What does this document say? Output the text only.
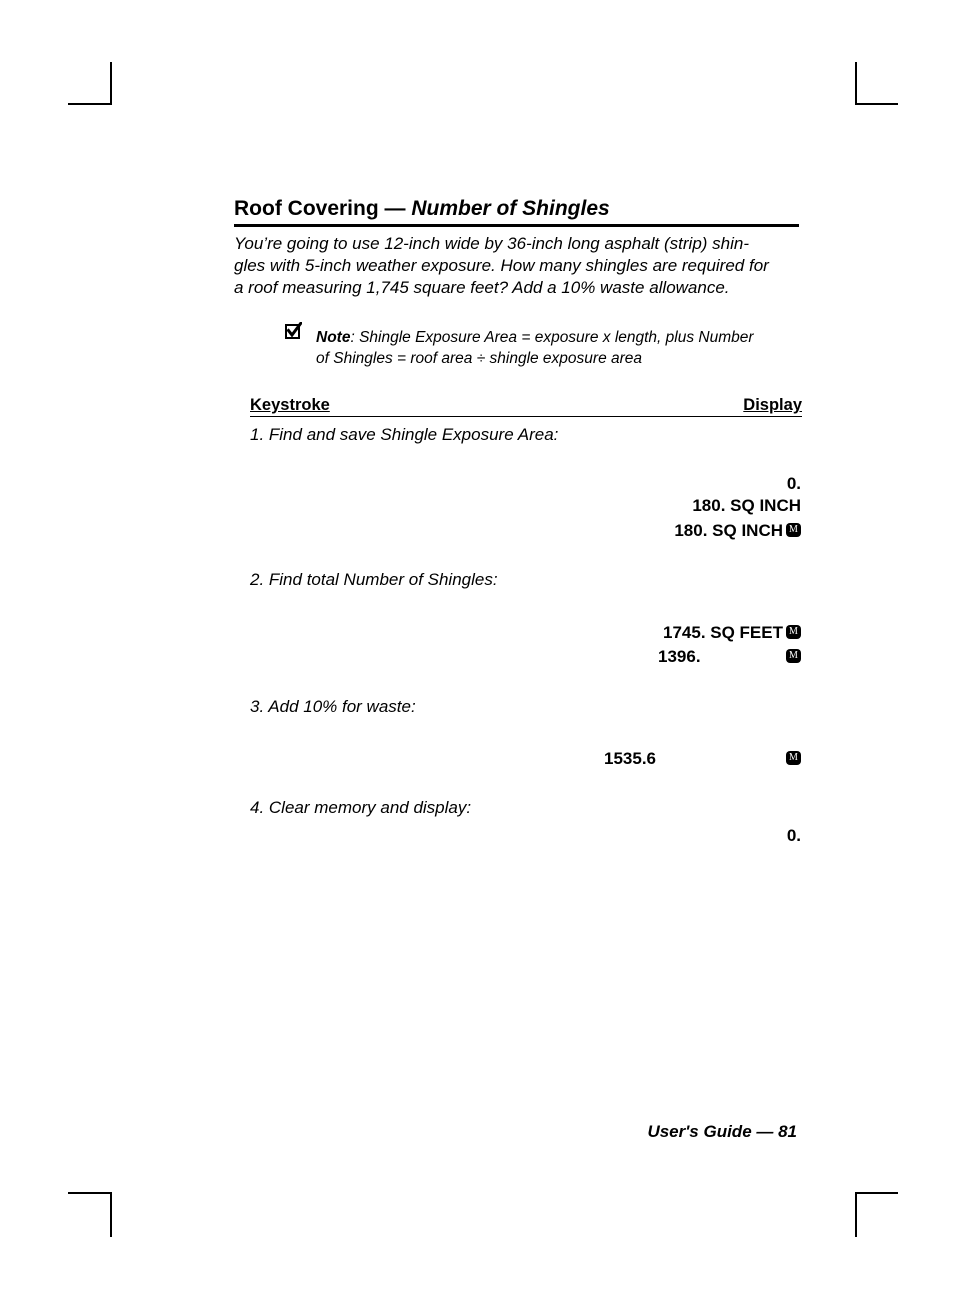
Roof Covering — Number of Shingles
You’re going to use 12-inch wide by 36-inch long asphalt (strip) shin-
gles with 5-inch weather exposure. How many shingles are required for
a roof measuring 1,745 square feet? Add a 10% waste allowance.
Note: Shingle Exposure Area = exposure x length, plus Number
of Shingles = roof area ÷ shingle exposure area
Keystroke	Display
1. Find and save Shingle Exposure Area:
0.
180. SQ INCH
180. SQ INCH M
2. Find total Number of Shingles:
1745. SQ FEET M
1396.	M
3. Add 10% for waste:
1535.6	M
4. Clear memory and display:
0.
User's Guide — 81
